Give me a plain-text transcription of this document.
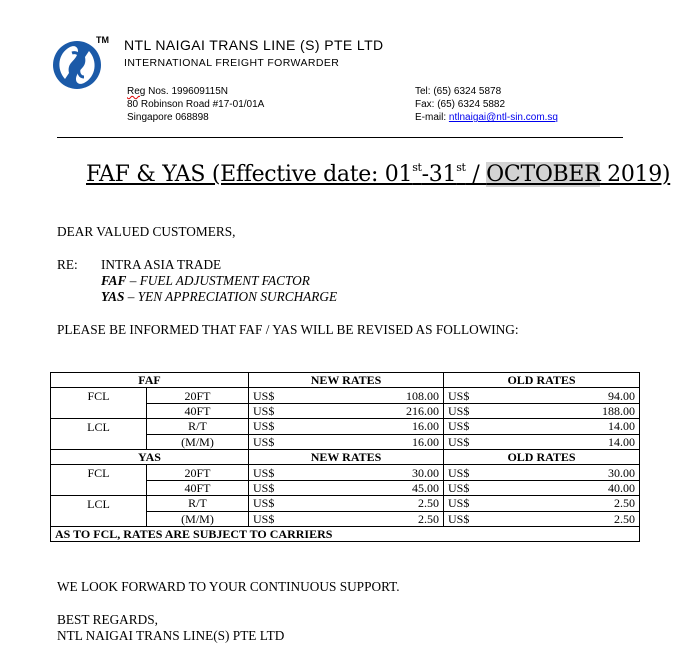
TM NTL NAIGAI TRANS LINE (S) PTE LTD
INTERNATIONAL FREIGHT FORWARDER
Reg Nos. 199609115N
80 Robinson Road #17-01/01A
Singapore 068898
Tel: (65) 6324 5878
Fax: (65) 6324 5882
E-mail: ntlnaigai@ntl-sin.com.sq
FAF & YAS (Effective date: 01st-31st / OCTOBER 2019)
DEAR VALUED CUSTOMERS,
RE: INTRA ASIA TRADE
FAF – FUEL ADJUSTMENT FACTOR
YAS – YEN APPRECIATION SURCHARGE
PLEASE BE INFORMED THAT FAF / YAS WILL BE REVISED AS FOLLOWING:
FAF		NEW RATES		OLD RATES	
FCL	20FT	US$	108.00	US$	94.00
	40FT	US$	216.00	US$	188.00
LCL	R/T	US$	16.00	US$	14.00
	(M/M)	US$	16.00	US$	14.00
YAS		NEW RATES		OLD RATES	
FCL	20FT	US$	30.00	US$	30.00
	40FT	US$	45.00	US$	40.00
LCL	R/T	US$	2.50	US$	2.50
	(M/M)	US$	2.50	US$	2.50
AS TO FCL, RATES ARE SUBJECT TO CARRIERS					
WE LOOK FORWARD TO YOUR CONTINUOUS SUPPORT.
BEST REGARDS,
NTL NAIGAI TRANS LINE(S) PTE LTD
